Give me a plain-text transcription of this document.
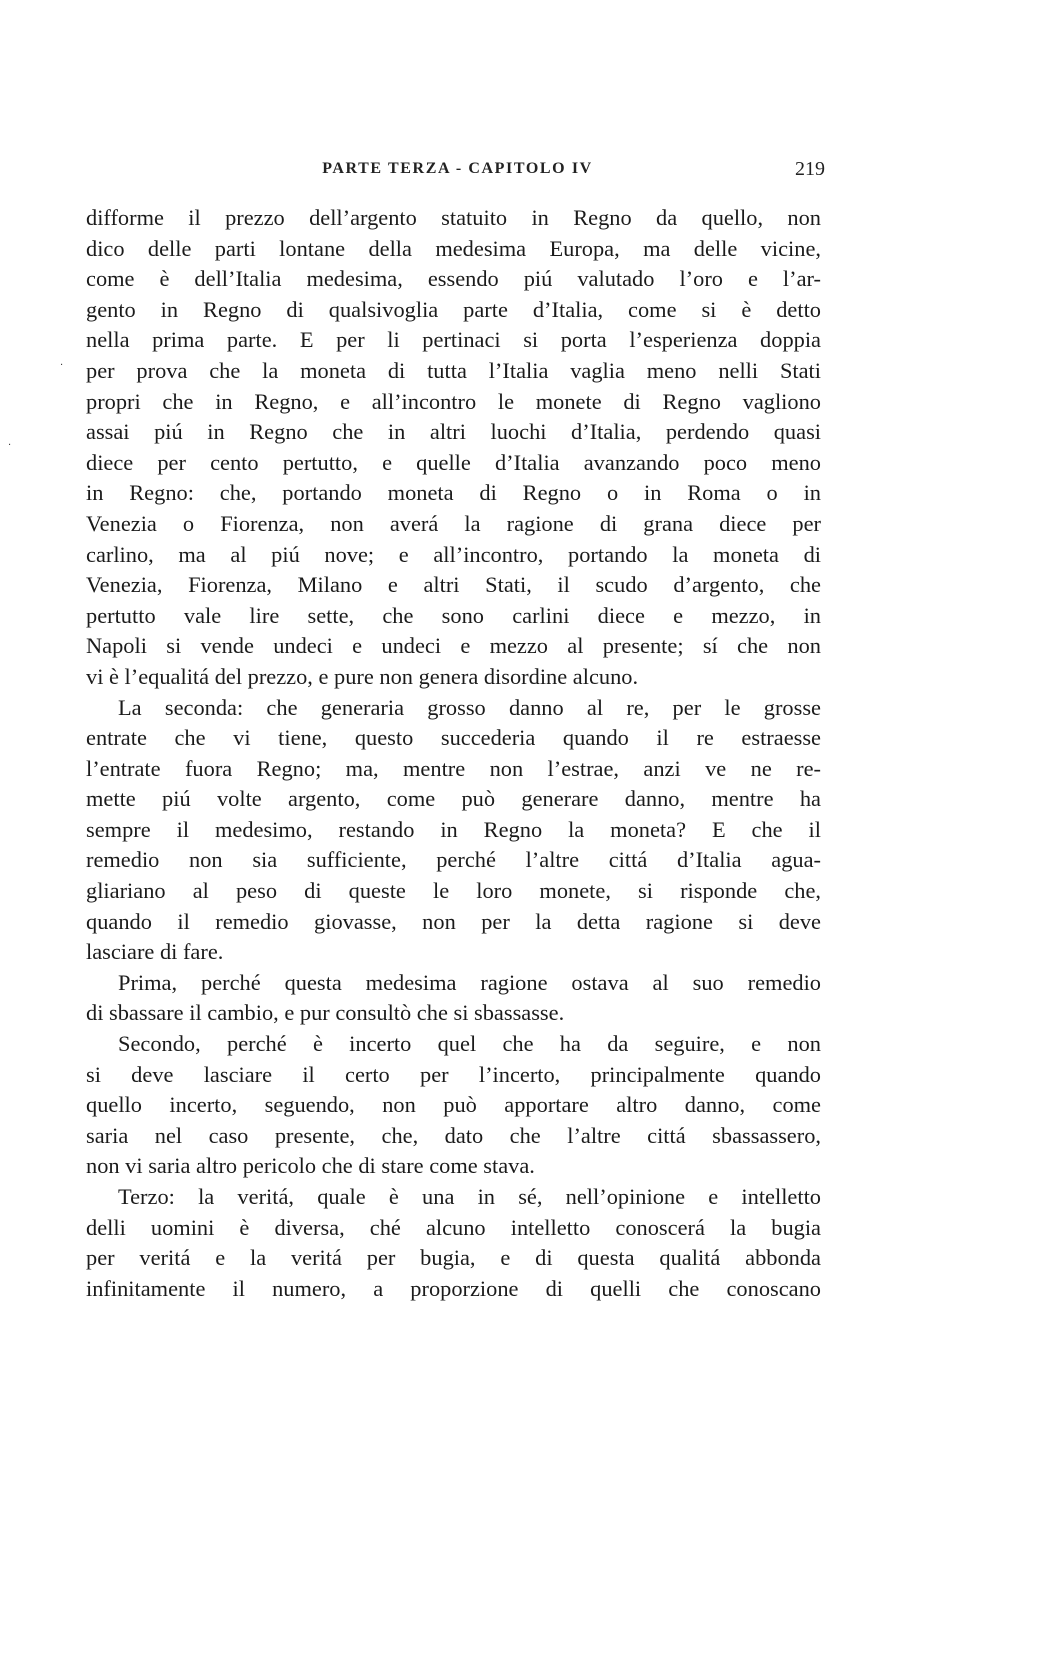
PARTE TERZA - CAPITOLO IV	219
·
·
difforme il prezzo dell’argento statuito in Regno da quello, non
dico delle parti lontane della medesima Europa, ma delle vicine,
come è dell’Italia medesima, essendo piú valutado l’oro e l’ar-
gento in Regno di qualsivoglia parte d’Italia, come si è detto
nella prima parte. E per li pertinaci si porta l’esperienza doppia
per prova che la moneta di tutta l’Italia vaglia meno nelli Stati
propri che in Regno, e all’incontro le monete di Regno vagliono
assai piú in Regno che in altri luochi d’Italia, perdendo quasi
diece per cento pertutto, e quelle d’Italia avanzando poco meno
in Regno: che, portando moneta di Regno o in Roma o in
Venezia o Fiorenza, non averá la ragione di grana diece per
carlino, ma al piú nove; e all’incontro, portando la moneta di
Venezia, Fiorenza, Milano e altri Stati, il scudo d’argento, che
pertutto vale lire sette, che sono carlini diece e mezzo, in
Napoli si vende undeci e undeci e mezzo al presente; sí che non
vi è l’equalitá del prezzo, e pure non genera disordine alcuno.
La seconda: che generaria grosso danno al re, per le grosse
entrate che vi tiene, questo succederia quando il re estraesse
l’entrate fuora Regno; ma, mentre non l’estrae, anzi ve ne re-
mette piú volte argento, come può generare danno, mentre ha
sempre il medesimo, restando in Regno la moneta? E che il
remedio non sia sufficiente, perché l’altre cittá d’Italia agua-
gliariano al peso di queste le loro monete, si risponde che,
quando il remedio giovasse, non per la detta ragione si deve
lasciare di fare.
Prima, perché questa medesima ragione ostava al suo remedio
di sbassare il cambio, e pur consultò che si sbassasse.
Secondo, perché è incerto quel che ha da seguire, e non
si deve lasciare il certo per l’incerto, principalmente quando
quello incerto, seguendo, non può apportare altro danno, come
saria nel caso presente, che, dato che l’altre cittá sbassassero,
non vi saria altro pericolo che di stare come stava.
Terzo: la veritá, quale è una in sé, nell’opinione e intelletto
delli uomini è diversa, ché alcuno intelletto conoscerá la bugia
per veritá e la veritá per bugia, e di questa qualitá abbonda
infinitamente il numero, a proporzione di quelli che conoscano
